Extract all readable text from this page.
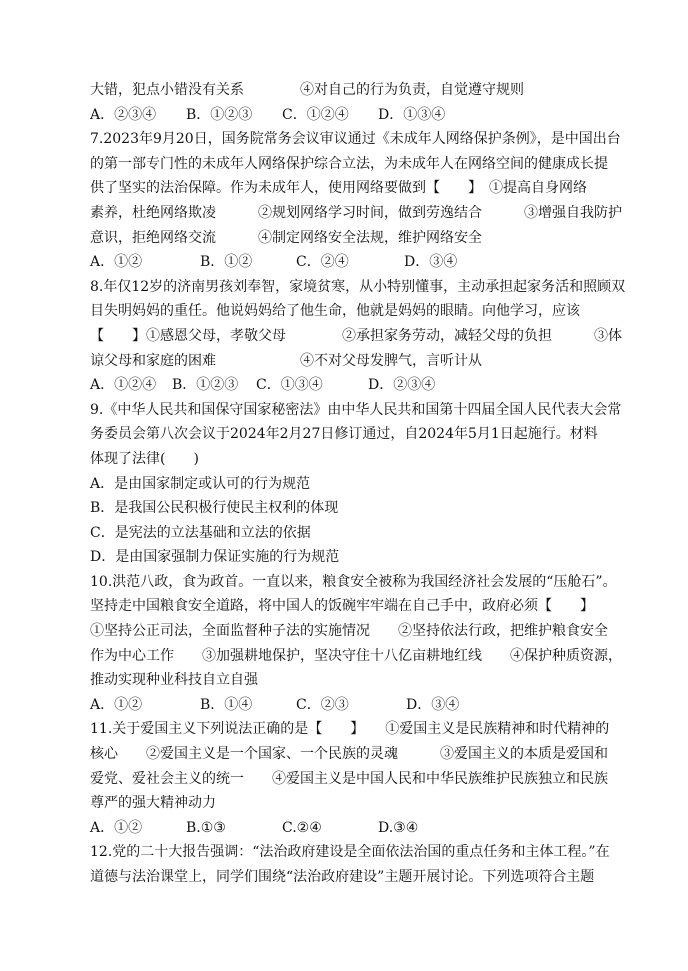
大错，犯点小错没有关系　　　　④对自己的行为负责，自觉遵守规则
A．②③④	B．①②③	C．①②④	D．①③④
7.2023年9月20日，国务院常务会议审议通过《未成年人网络保护条例》，是中国出台
的第一部专门性的未成年人网络保护综合立法，为未成年人在网络空间的健康成长提
供了坚实的法治保障。作为未成年人，使用网络要做到【　　】　①提高自身网络
素养，杜绝网络欺凌　　　②规划网络学习时间，做到劳逸结合　　　③增强自我防护
意识，拒绝网络交流　　　④制定网络安全法规，维护网络安全
A．①②	B．①②	C．②④	D．③④
8.年仅12岁的济南男孩刘奉智，家境贫寒，从小特别懂事，主动承担起家务活和照顾双
目失明妈妈的重任。他说妈妈给了他生命，他就是妈妈的眼睛。向他学习，应该
【　　】①感恩父母，孝敬父母　　　　②承担家务劳动，减轻父母的负担　　　③体
谅父母和家庭的困难　　　　　　④不对父母发脾气，言听计从
A．①②④	B．①②③	C．①③④	D．②③④
9.《中华人民共和国保守国家秘密法》由中华人民共和国第十四届全国人民代表大会常
务委员会第八次会议于2024年2月27日修订通过，自2024年5月1日起施行。材料
体现了法律(　　)
A．是由国家制定或认可的行为规范
B．是我国公民积极行使民主权利的体现
C．是宪法的立法基础和立法的依据
D．是由国家强制力保证实施的行为规范
10.洪范八政，食为政首。一直以来，粮食安全被称为我国经济社会发展的“压舱石”。
坚持走中国粮食安全道路，将中国人的饭碗牢牢端在自己手中，政府必须【　　】
①坚持公正司法，全面监督种子法的实施情况　　②坚持依法行政，把维护粮食安全
作为中心工作　　③加强耕地保护，坚决守住十八亿亩耕地红线　　④保护种质资源，
推动实现种业科技自立自强
A．①②	B．①④	C．②③	D．③④
11.关于爱国主义下列说法正确的是【　　】　　①爱国主义是民族精神和时代精神的
核心　　②爱国主义是一个国家、一个民族的灵魂　　　③爱国主义的本质是爱国和
爱党、爱社会主义的统一　　④爱国主义是中国人民和中华民族维护民族独立和民族
尊严的强大精神动力
A．①②	B.①③	C.②④	D.③④
12.党的二十大报告强调：“法治政府建设是全面依法治国的重点任务和主体工程。”在
道德与法治课堂上，同学们围绕“法治政府建设”主题开展讨论。下列选项符合主题
